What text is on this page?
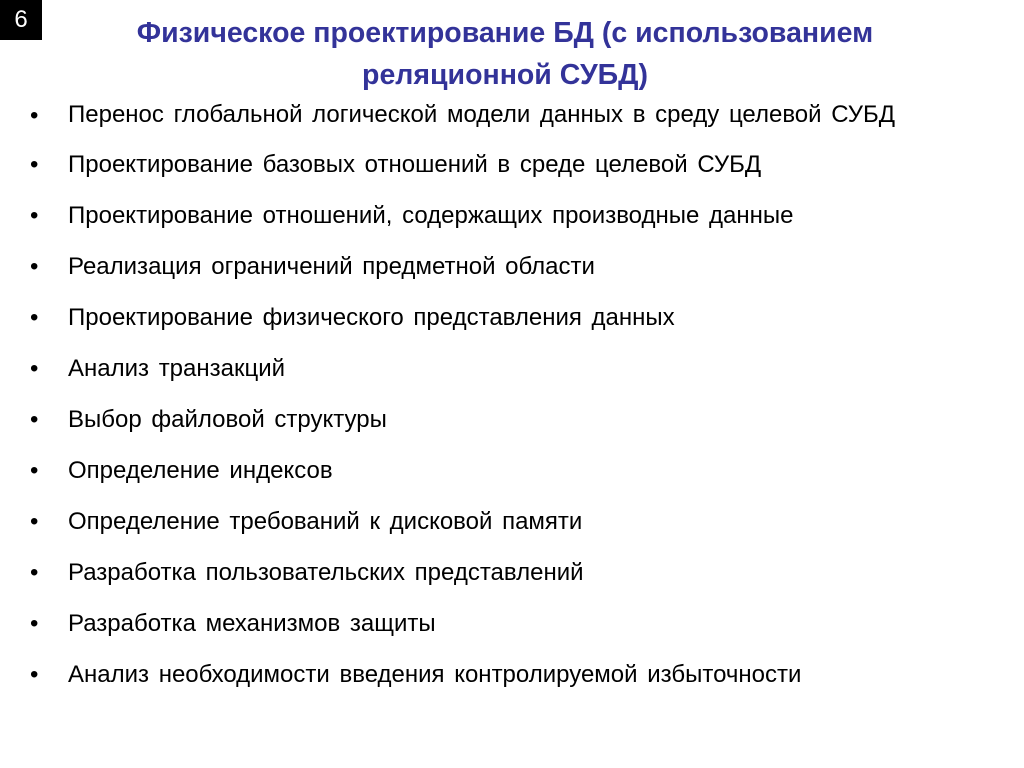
6	Физическое проектирование БД (с использованием реляционной СУБД)
•	Перенос глобальной логической модели данных в среду целевой СУБД
•	Проектирование базовых отношений в среде целевой СУБД
•	Проектирование отношений, содержащих производные данные
•	Реализация ограничений предметной области
•	Проектирование физического представления данных
•	Анализ транзакций
•	Выбор файловой структуры
•	Определение индексов
•	Определение требований к дисковой памяти
•	Разработка пользовательских представлений
•	Разработка механизмов защиты
•	Анализ необходимости введения контролируемой избыточности
